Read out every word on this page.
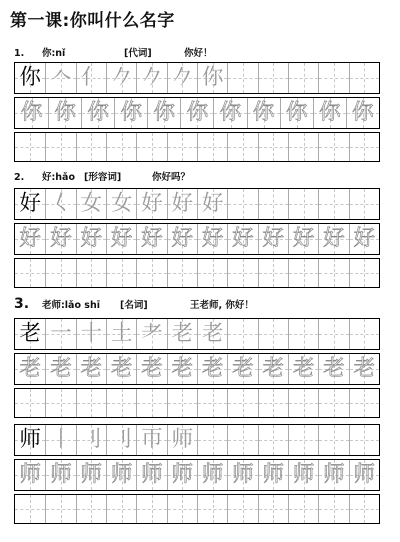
第一课:你叫什么名字
1. 你:nǐ	[代词]	你好！
你 𠆢 亻 𠂊 𠂊 𠂊 你
你 你 你 你 你 你 你 你 你 你 你
2. 好:hǎo [形容词]	你好吗？
好 𡿨 女 女 好 好 好
好 好 好 好 好 好 好 好 好 好 好 好
3. 老师:lǎo shī [名词]	王老师, 你好！
老 一 十 土 耂 老 老
老 老 老 老 老 老 老 老 老 老 老 老
师 丨 刂 刂 帀 师
师 师 师 师 师 师 师 师 师 师 师 师
